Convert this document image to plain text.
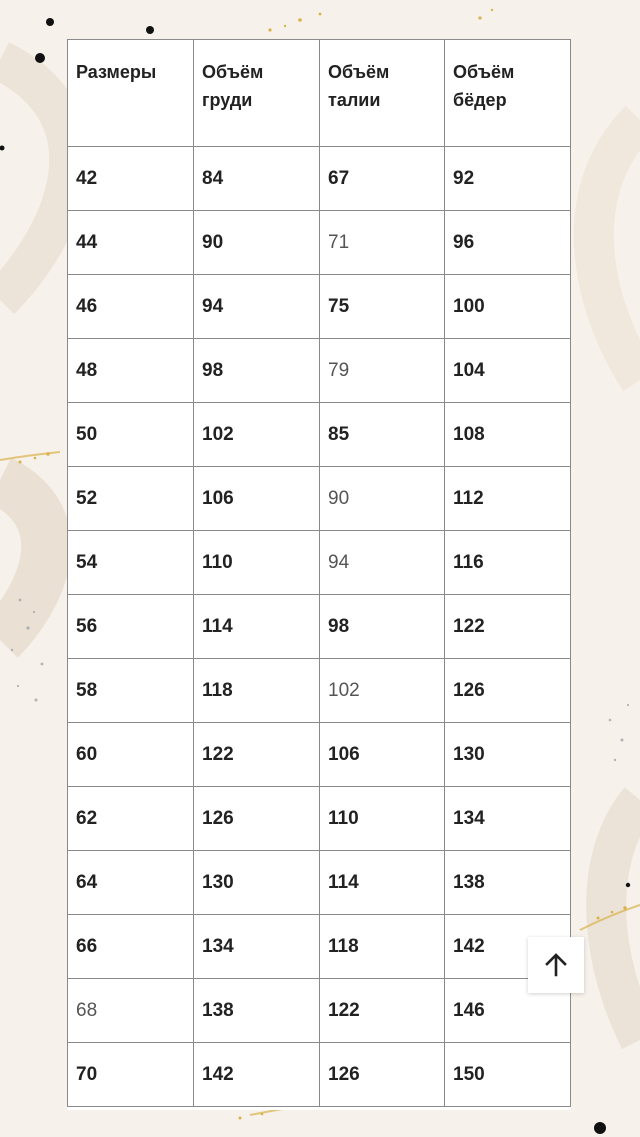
Размеры	Объём груди	Объём талии	Объём бёдер
42	84	67	92
44	90	71	96
46	94	75	100
48	98	79	104
50	102	85	108
52	106	90	112
54	110	94	116
56	114	98	122
58	118	102	126
60	122	106	130
62	126	110	134
64	130	114	138
66	134	118	142
68	138	122	146
70	142	126	150
